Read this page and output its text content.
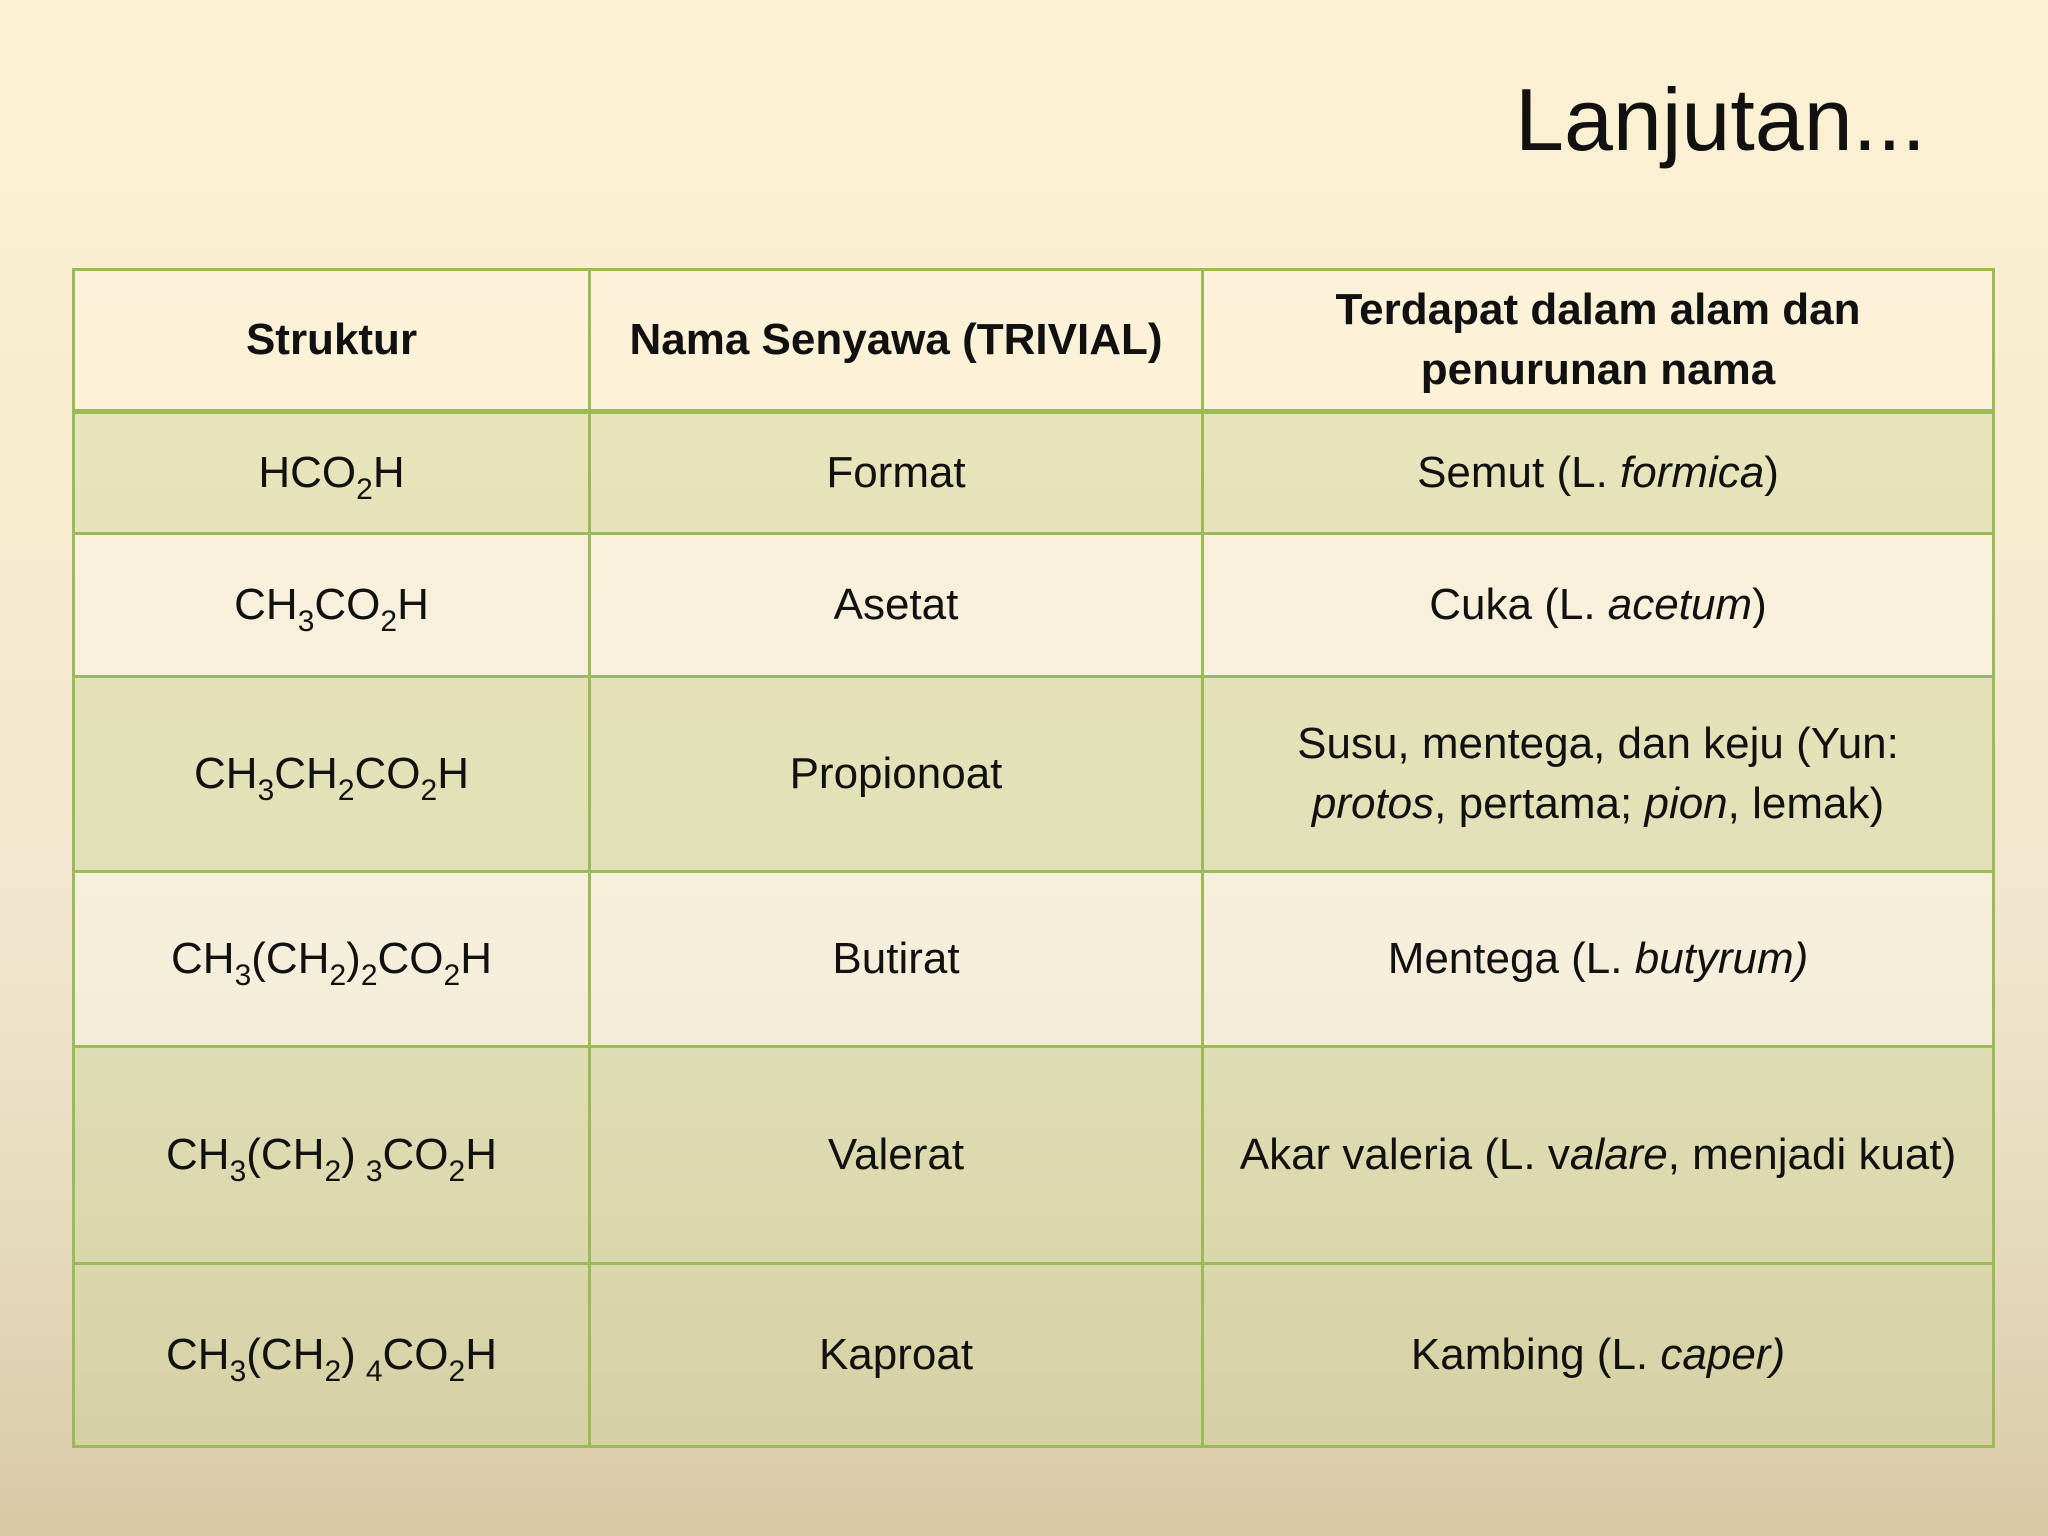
Lanjutan...
Struktur	Nama Senyawa (TRIVIAL)	Terdapat dalam alam dan penurunan nama
$HCO_2H$	Format	Semut (L. formica)
$CH_3CO_2H$	Asetat	Cuka (L. acetum)
$CH_3CH_2CO_2H$	Propionoat	Susu, mentega, dan keju (Yun:
protos, pertama; pion, lemak)
$CH_3(CH_2)_2CO_2H$	Butirat	Mentega (L. butyrum)
$CH_3(CH_2)$ $_3CO_2H$	Valerat	Akar valeria (L. valare, menjadi kuat)
$CH_3(CH_2)$ $_4CO_2H$	Kaproat	Kambing (L. caper)
